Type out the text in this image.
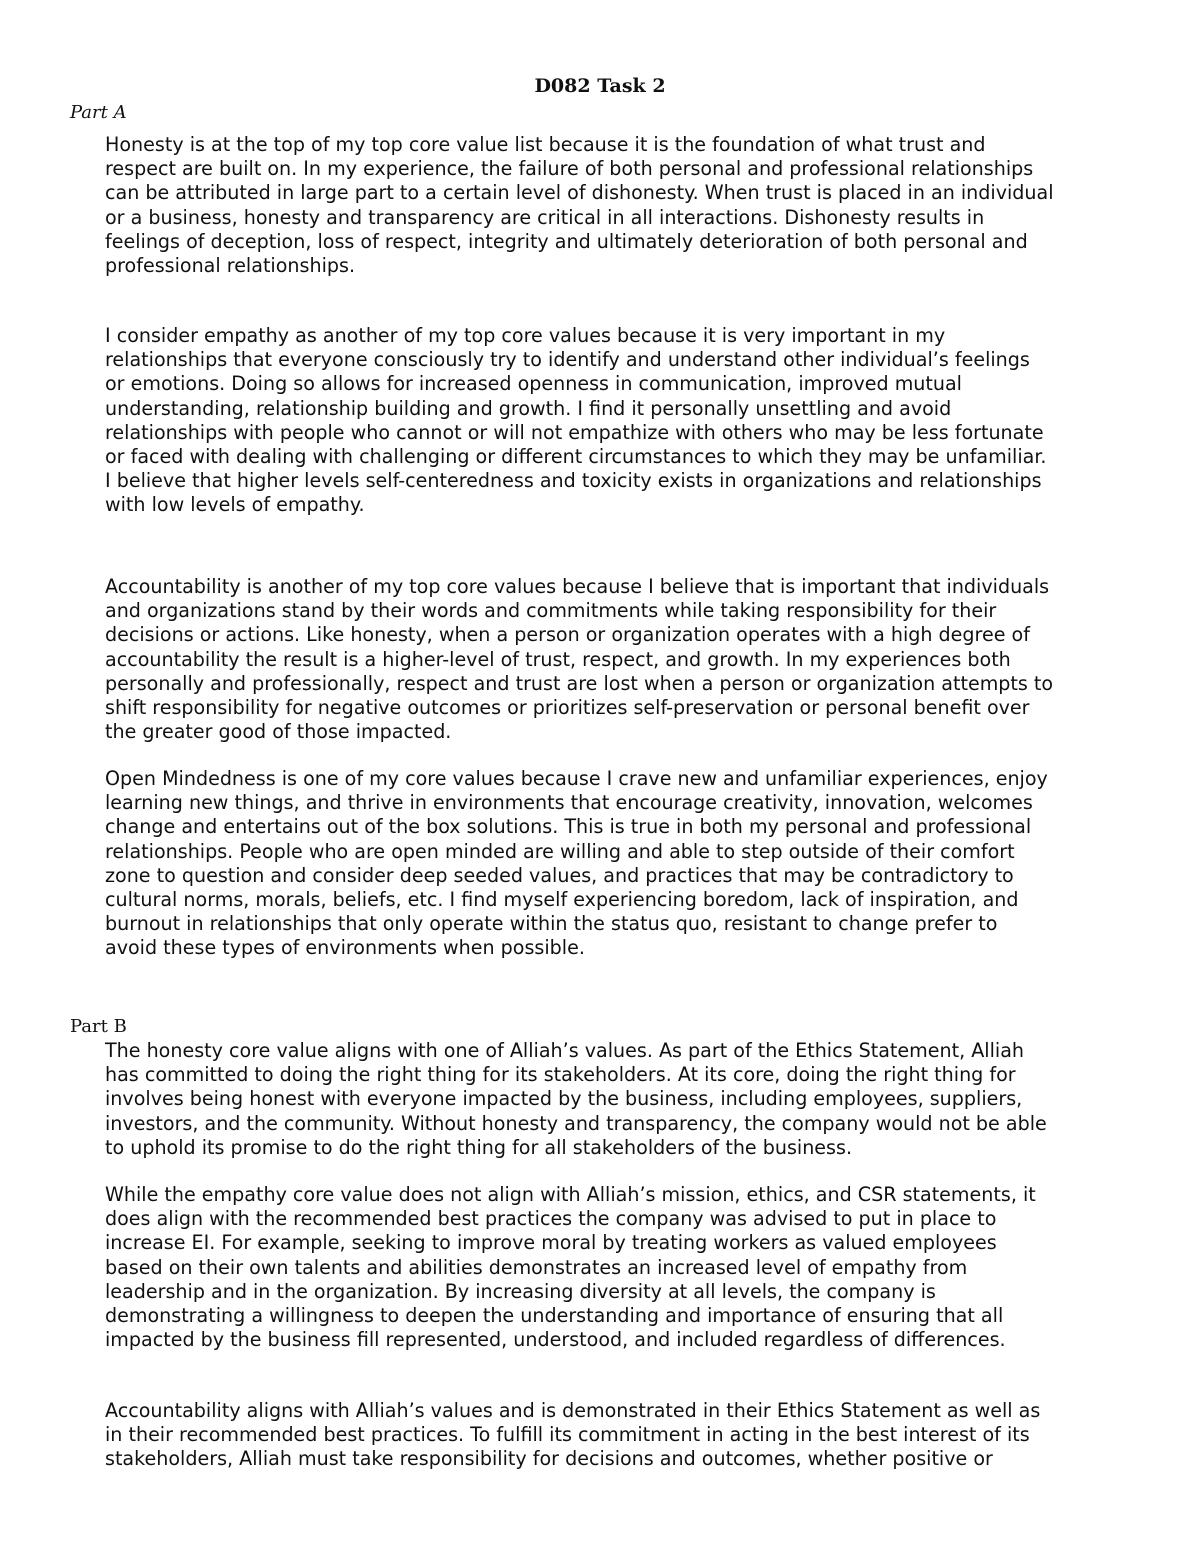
D082 Task 2

Part A

Honesty is at the top of my top core value list because it is the foundation of what trust and
respect are built on. In my experience, the failure of both personal and professional relationships
can be attributed in large part to a certain level of dishonesty. When trust is placed in an individual
or a business, honesty and transparency are critical in all interactions. Dishonesty results in
feelings of deception, loss of respect, integrity and ultimately deterioration of both personal and
professional relationships.

I consider empathy as another of my top core values because it is very important in my
relationships that everyone consciously try to identify and understand other individual’s feelings
or emotions. Doing so allows for increased openness in communication, improved mutual
understanding, relationship building and growth. I find it personally unsettling and avoid
relationships with people who cannot or will not empathize with others who may be less fortunate
or faced with dealing with challenging or different circumstances to which they may be unfamiliar.
I believe that higher levels self-centeredness and toxicity exists in organizations and relationships
with low levels of empathy.

Accountability is another of my top core values because I believe that is important that individuals
and organizations stand by their words and commitments while taking responsibility for their
decisions or actions. Like honesty, when a person or organization operates with a high degree of
accountability the result is a higher-level of trust, respect, and growth. In my experiences both
personally and professionally, respect and trust are lost when a person or organization attempts to
shift responsibility for negative outcomes or prioritizes self-preservation or personal benefit over
the greater good of those impacted.

Open Mindedness is one of my core values because I crave new and unfamiliar experiences, enjoy
learning new things, and thrive in environments that encourage creativity, innovation, welcomes
change and entertains out of the box solutions. This is true in both my personal and professional
relationships. People who are open minded are willing and able to step outside of their comfort
zone to question and consider deep seeded values, and practices that may be contradictory to
cultural norms, morals, beliefs, etc. I find myself experiencing boredom, lack of inspiration, and
burnout in relationships that only operate within the status quo, resistant to change prefer to
avoid these types of environments when possible.

Part B

The honesty core value aligns with one of Alliah’s values. As part of the Ethics Statement, Alliah
has committed to doing the right thing for its stakeholders. At its core, doing the right thing for
involves being honest with everyone impacted by the business, including employees, suppliers,
investors, and the community. Without honesty and transparency, the company would not be able
to uphold its promise to do the right thing for all stakeholders of the business.

While the empathy core value does not align with Alliah’s mission, ethics, and CSR statements, it
does align with the recommended best practices the company was advised to put in place to
increase EI. For example, seeking to improve moral by treating workers as valued employees
based on their own talents and abilities demonstrates an increased level of empathy from
leadership and in the organization. By increasing diversity at all levels, the company is
demonstrating a willingness to deepen the understanding and importance of ensuring that all
impacted by the business fill represented, understood, and included regardless of differences.

Accountability aligns with Alliah’s values and is demonstrated in their Ethics Statement as well as
in their recommended best practices. To fulfill its commitment in acting in the best interest of its
stakeholders, Alliah must take responsibility for decisions and outcomes, whether positive or
